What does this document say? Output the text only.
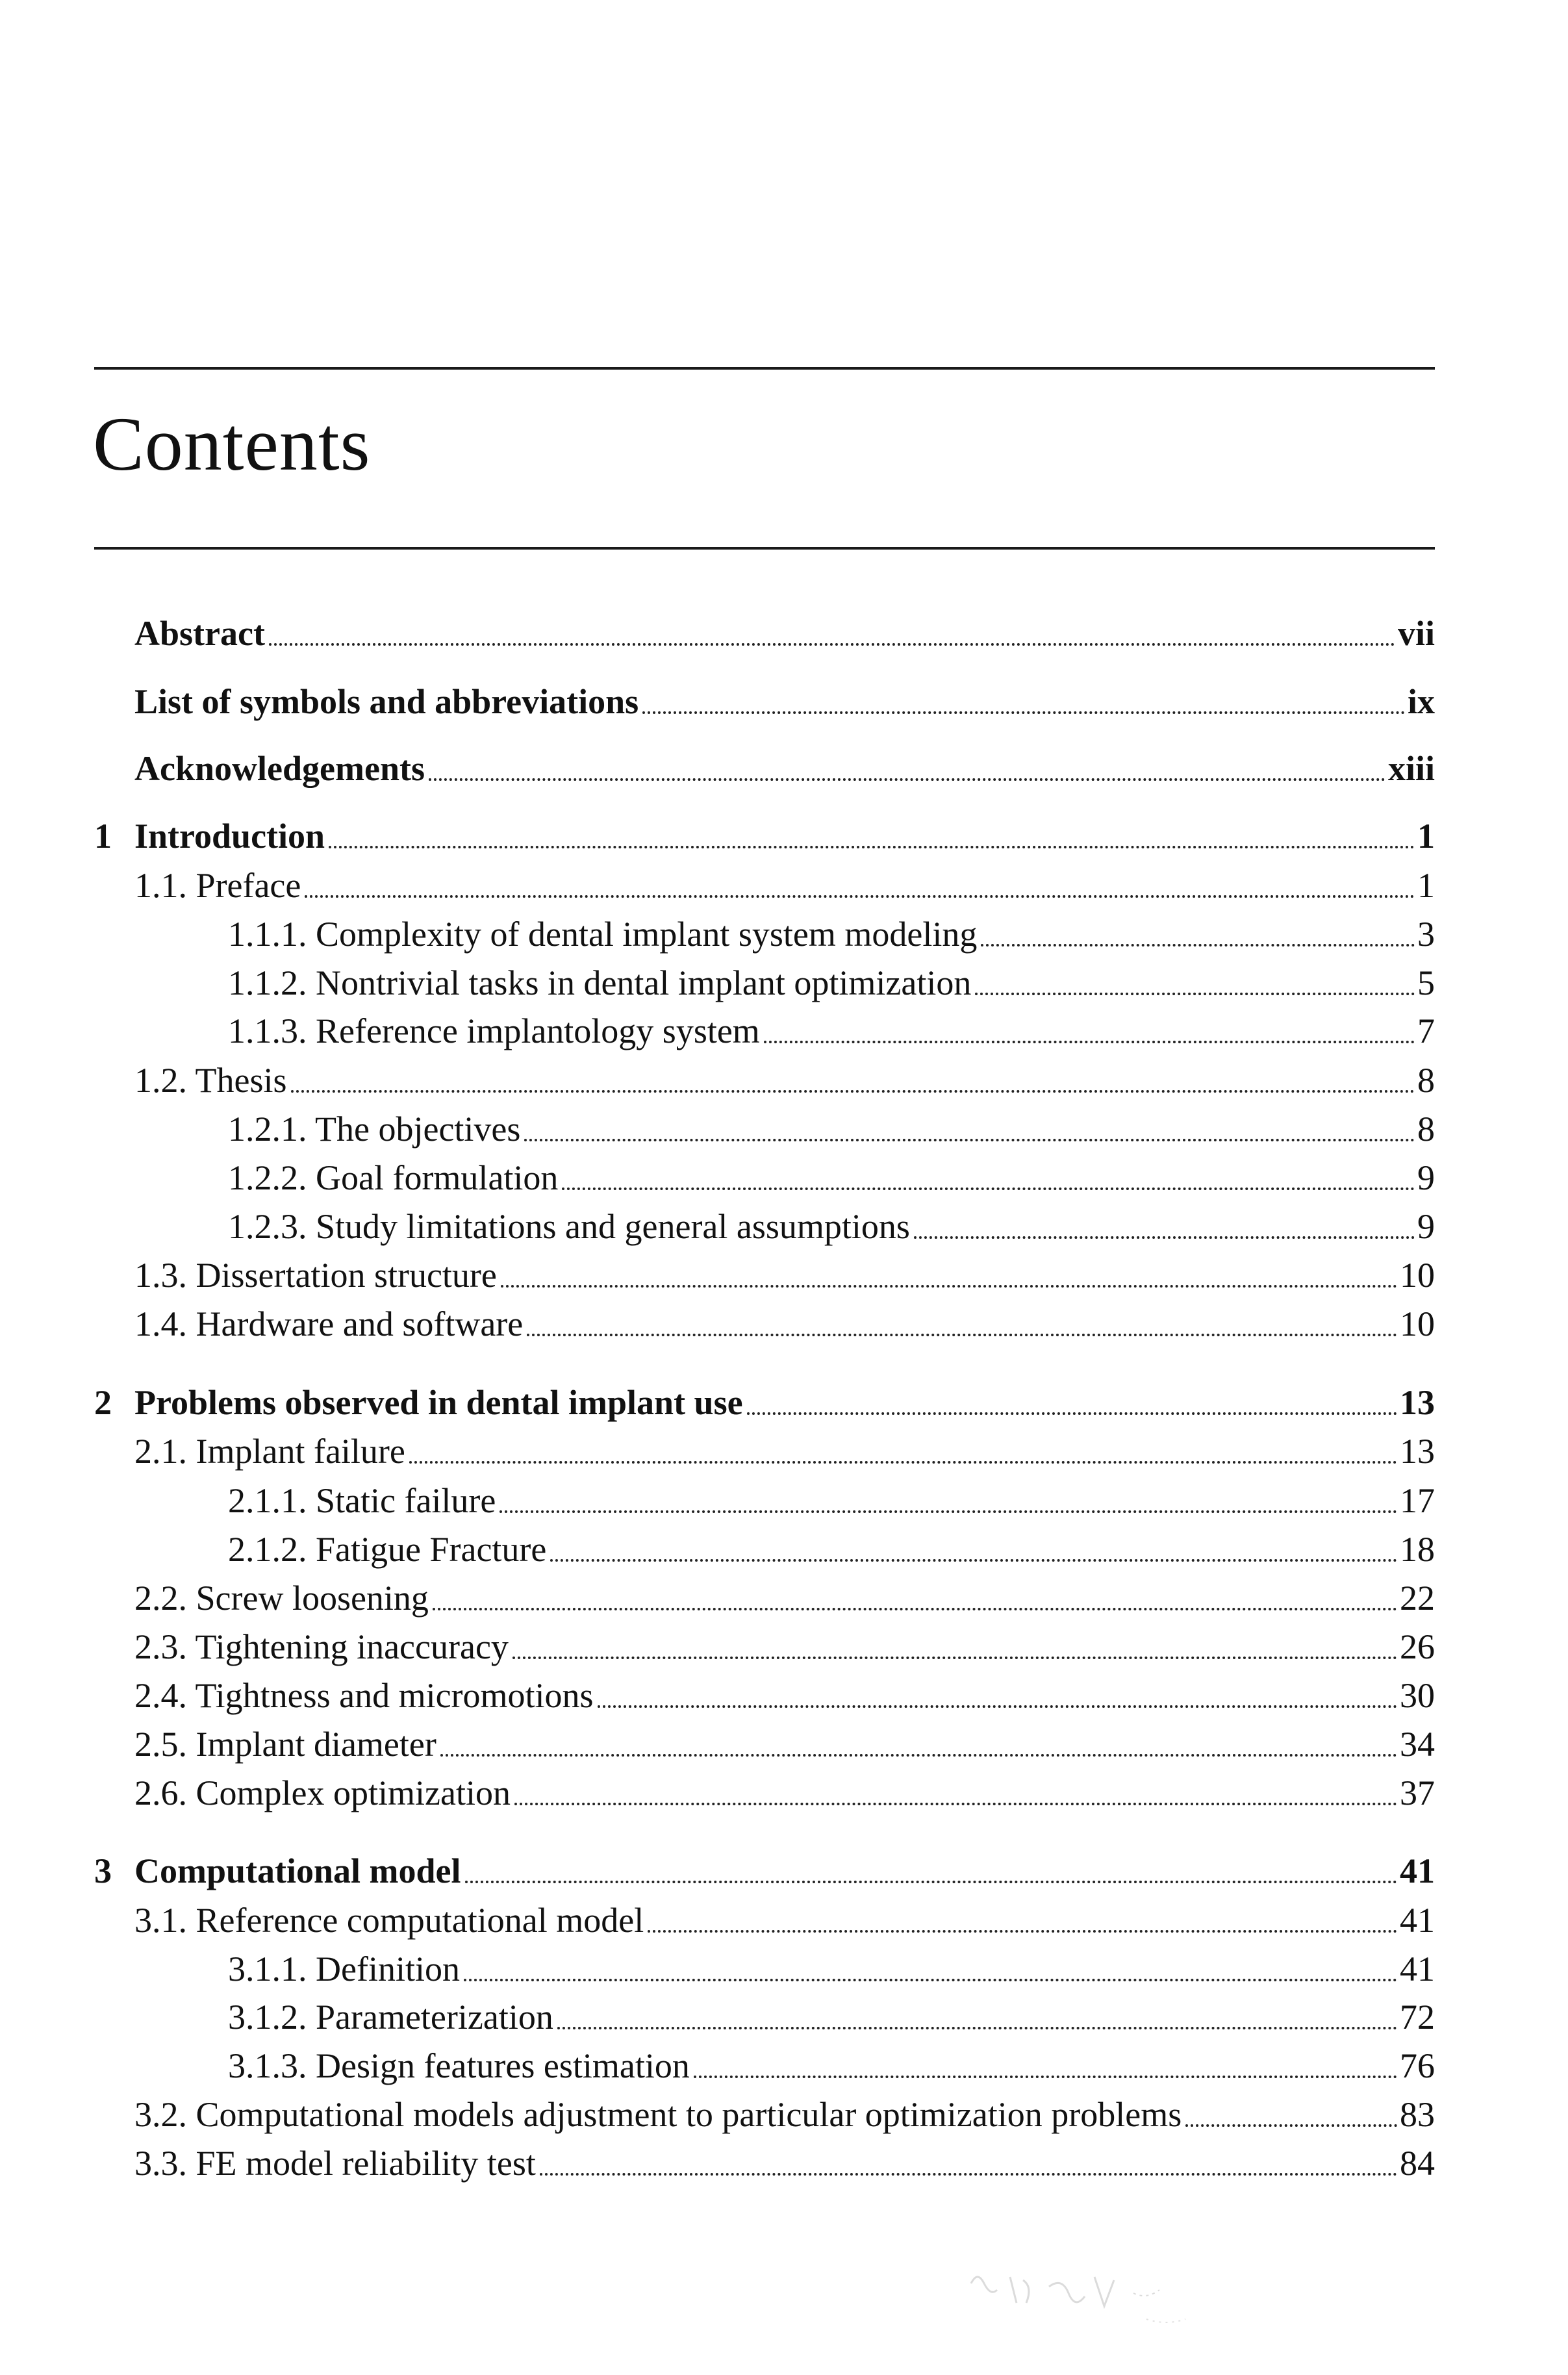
Contents
Abstract	vii
List of symbols and abbreviations	ix
Acknowledgements	xiii
1 Introduction	1
1.1. Preface	1
1.1.1. Complexity of dental implant system modeling	3
1.1.2. Nontrivial tasks in dental implant optimization	5
1.1.3. Reference implantology system	7
1.2. Thesis	8
1.2.1. The objectives	8
1.2.2. Goal formulation	9
1.2.3. Study limitations and general assumptions	9
1.3. Dissertation structure	10
1.4. Hardware and software	10
2 Problems observed in dental implant use	13
2.1. Implant failure	13
2.1.1. Static failure	17
2.1.2. Fatigue Fracture	18
2.2. Screw loosening	22
2.3. Tightening inaccuracy	26
2.4. Tightness and micromotions	30
2.5. Implant diameter	34
2.6. Complex optimization	37
3 Computational model	41
3.1. Reference computational model	41
3.1.1. Definition	41
3.1.2. Parameterization	72
3.1.3. Design features estimation	76
3.2. Computational models adjustment to particular optimization problems	83
3.3. FE model reliability test	84
